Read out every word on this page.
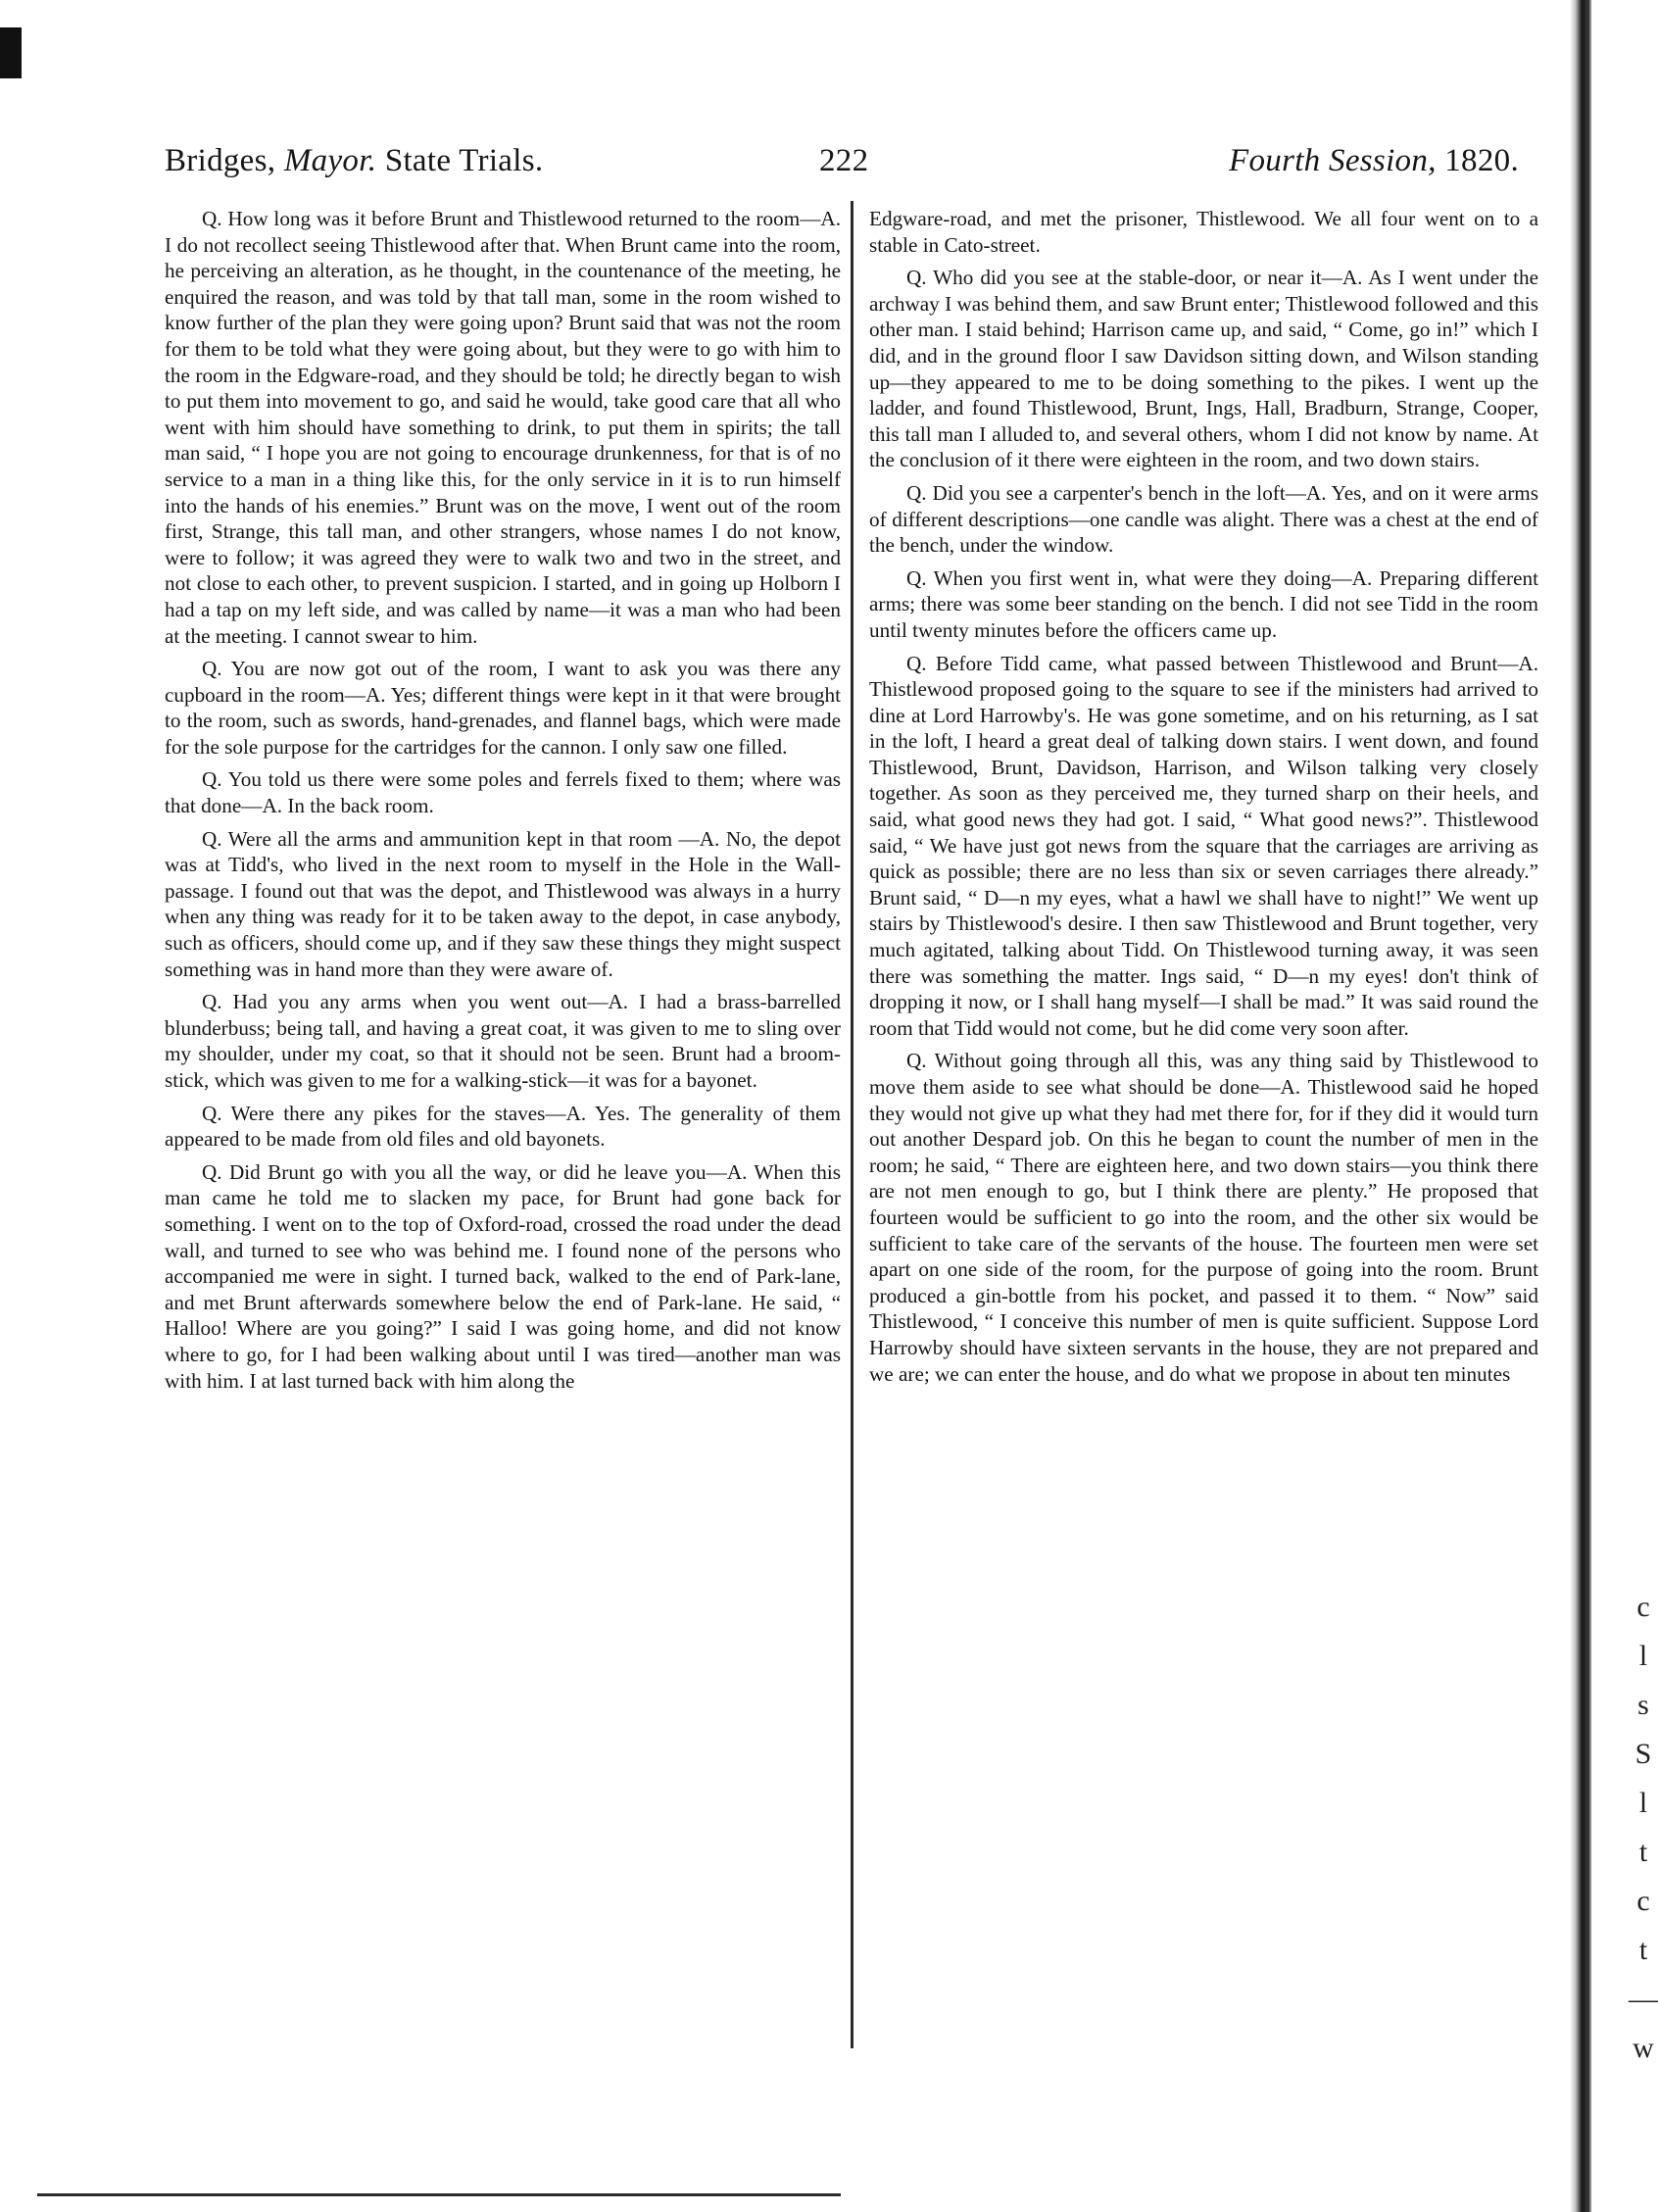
Bridges, Mayor. State Trials.	222	Fourth Session, 1820.

Q. How long was it before Brunt and Thistlewood returned to the room—A. I do not recollect seeing Thistlewood after that. When Brunt came into the room, he perceiving an alteration, as he thought, in the countenance of the meeting, he enquired the reason, and was told by that tall man, some in the room wished to know further of the plan they were going upon? Brunt said that was not the room for them to be told what they were going about, but they were to go with him to the room in the Edgware-road, and they should be told; he directly began to wish to put them into movement to go, and said he would, take good care that all who went with him should have something to drink, to put them in spirits; the tall man said, “ I hope you are not going to encourage drunkenness, for that is of no service to a man in a thing like this, for the only service in it is to run himself into the hands of his enemies.” Brunt was on the move, I went out of the room first, Strange, this tall man, and other strangers, whose names I do not know, were to follow; it was agreed they were to walk two and two in the street, and not close to each other, to prevent suspicion. I started, and in going up Holborn I had a tap on my left side, and was called by name—it was a man who had been at the meeting. I cannot swear to him.

Q. You are now got out of the room, I want to ask you was there any cupboard in the room—A. Yes; different things were kept in it that were brought to the room, such as swords, hand-grenades, and flannel bags, which were made for the sole purpose for the cartridges for the cannon. I only saw one filled.

Q. You told us there were some poles and ferrels fixed to them; where was that done—A. In the back room.

Q. Were all the arms and ammunition kept in that room —A. No, the depot was at Tidd's, who lived in the next room to myself in the Hole in the Wall-passage. I found out that was the depot, and Thistlewood was always in a hurry when any thing was ready for it to be taken away to the depot, in case anybody, such as officers, should come up, and if they saw these things they might suspect something was in hand more than they were aware of.

Q. Had you any arms when you went out—A. I had a brass-barrelled blunderbuss; being tall, and having a great coat, it was given to me to sling over my shoulder, under my coat, so that it should not be seen. Brunt had a broom-stick, which was given to me for a walking-stick—it was for a bayonet.

Q. Were there any pikes for the staves—A. Yes. The generality of them appeared to be made from old files and old bayonets.

Q. Did Brunt go with you all the way, or did he leave you—A. When this man came he told me to slacken my pace, for Brunt had gone back for something. I went on to the top of Oxford-road, crossed the road under the dead wall, and turned to see who was behind me. I found none of the persons who accompanied me were in sight. I turned back, walked to the end of Park-lane, and met Brunt afterwards somewhere below the end of Park-lane. He said, “ Halloo! Where are you going?” I said I was going home, and did not know where to go, for I had been walking about until I was tired—another man was with him. I at last turned back with him along the

Edgware-road, and met the prisoner, Thistlewood. We all four went on to a stable in Cato-street.

Q. Who did you see at the stable-door, or near it—A. As I went under the archway I was behind them, and saw Brunt enter; Thistlewood followed and this other man. I staid behind; Harrison came up, and said, “ Come, go in!” which I did, and in the ground floor I saw Davidson sitting down, and Wilson standing up—they appeared to me to be doing something to the pikes. I went up the ladder, and found Thistlewood, Brunt, Ings, Hall, Bradburn, Strange, Cooper, this tall man I alluded to, and several others, whom I did not know by name. At the conclusion of it there were eighteen in the room, and two down stairs.

Q. Did you see a carpenter's bench in the loft—A. Yes, and on it were arms of different descriptions—one candle was alight. There was a chest at the end of the bench, under the window.

Q. When you first went in, what were they doing—A. Preparing different arms; there was some beer standing on the bench. I did not see Tidd in the room until twenty minutes before the officers came up.

Q. Before Tidd came, what passed between Thistlewood and Brunt—A. Thistlewood proposed going to the square to see if the ministers had arrived to dine at Lord Harrowby's. He was gone sometime, and on his returning, as I sat in the loft, I heard a great deal of talking down stairs. I went down, and found Thistlewood, Brunt, Davidson, Harrison, and Wilson talking very closely together. As soon as they perceived me, they turned sharp on their heels, and said, what good news they had got. I said, “ What good news?”. Thistlewood said, “ We have just got news from the square that the carriages are arriving as quick as possible; there are no less than six or seven carriages there already.” Brunt said, “ D—n my eyes, what a hawl we shall have to night!” We went up stairs by Thistlewood's desire. I then saw Thistlewood and Brunt together, very much agitated, talking about Tidd. On Thistlewood turning away, it was seen there was something the matter. Ings said, “ D—n my eyes! don't think of dropping it now, or I shall hang myself—I shall be mad.” It was said round the room that Tidd would not come, but he did come very soon after.

Q. Without going through all this, was any thing said by Thistlewood to move them aside to see what should be done—A. Thistlewood said he hoped they would not give up what they had met there for, for if they did it would turn out another Despard job. On this he began to count the number of men in the room; he said, “ There are eighteen here, and two down stairs—you think there are not men enough to go, but I think there are plenty.” He proposed that fourteen would be sufficient to go into the room, and the other six would be sufficient to take care of the servants of the house. The fourteen men were set apart on one side of the room, for the purpose of going into the room. Brunt produced a gin-bottle from his pocket, and passed it to them. “ Now” said Thistlewood, “ I conceive this number of men is quite sufficient. Suppose Lord Harrowby should have sixteen servants in the house, they are not prepared and we are; we can enter the house, and do what we propose in about ten minutes

c
l
s
S
l
t
c
t
—
w
